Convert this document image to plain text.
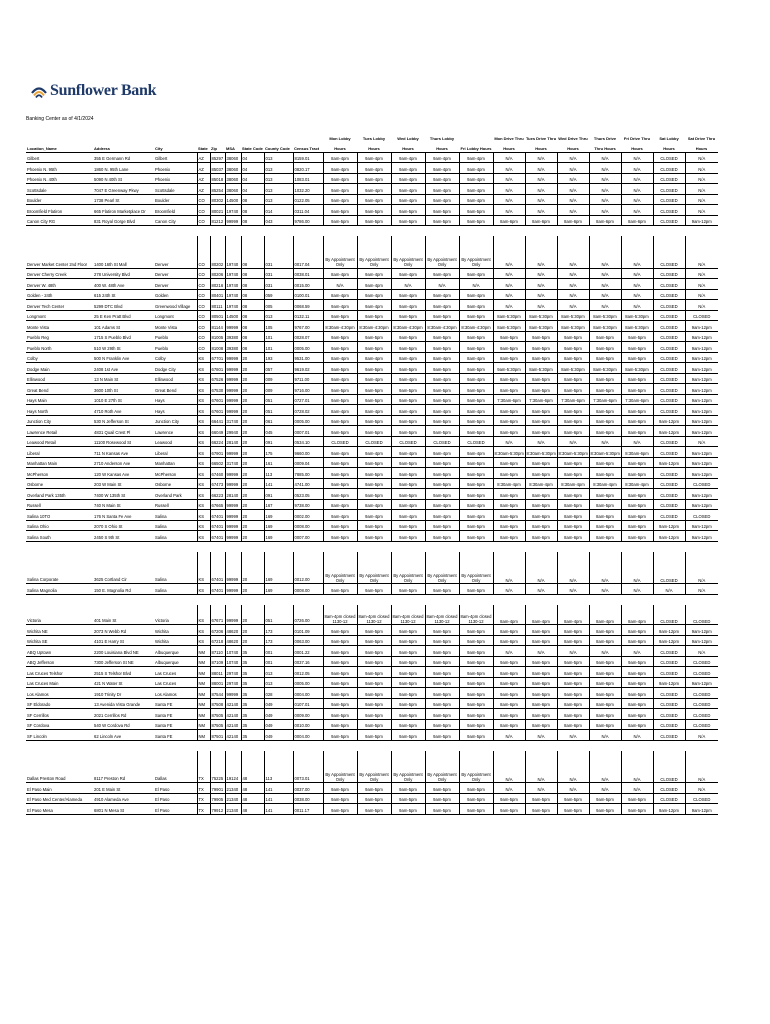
Sunflower Bank
Banking Center as of 4/1/2024
									Mon Lobby	Tues Lobby	Wed Lobby	Thurs Lobby		Mon Drive Thru	Tues Drive Thru	Wed Drive Thru	Thurs Drive	Fri Drive Thru	Sat Lobby	Sat Drive Thru
Location_Name	Address	City	State	Zip	MSA	State Code	County Code	Census Tract	Hours	Hours	Hours	Hours	Fri Lobby Hours	Hours	Hours	Hours	Thru Hours	Hours	Hours	Hours
Gilbert	355 E Germann Rd	Gilbert	AZ	85297	38060	04	013	8159.01	8am-4pm	9am-4pm	9am-4pm	9am-4pm	9am-4pm	N/A	N/A	N/A	N/A	N/A	CLOSED	N/A
Phoenix N. 95th	1860 N. 95th Lane	Phoenix	AZ	85037	38060	04	013	0820.17	9am-4pm	9am-4pm	9am-4pm	9am-4pm	9am-4pm	N/A	N/A	N/A	N/A	N/A	CLOSED	N/A
Phoenix N. 40th	5090 N 40th St	Phoenix	AZ	85018	38060	04	013	1083.01	9am-4pm	9am-4pm	9am-4pm	9am-4pm	9am-4pm	N/A	N/A	N/A	N/A	N/A	CLOSED	N/A
Scottsdale	7047 E Greenway Pkwy	Scottsdale	AZ	85254	38060	04	013	1032.20	9am-4pm	9am-4pm	9am-4pm	9am-4pm	9am-4pm	N/A	N/A	N/A	N/A	N/A	CLOSED	N/A
Boulder	1738 Pearl St	Boulder	CO	80302	14500	08	013	0122.05	9am-4pm	9am-4pm	9am-4pm	9am-4pm	9am-4pm	N/A	N/A	N/A	N/A	N/A	CLOSED	N/A
Broomfield Flatiron	665 Flatiron Marketplace Dr	Broomfield	CO	80021	19740	08	014	0311.04	9am-5pm	9am-5pm	9am-5pm	9am-5pm	9am-5pm	N/A	N/A	N/A	N/A	N/A	CLOSED	N/A
Canon City RG	831 Royal Gorge Blvd	Canon City	CO	81212	99999	08	043	9786.00	9am-5pm	9am-5pm	9am-5pm	9am-5pm	9am-5pm	8am-6pm	8am-6pm	8am-6pm	8am-6pm	8am-6pm	CLOSED	9am-12pm

Denver Market Center 2nd Floor	1400 16th St Mall	Denver	CO	80202	19740	08	031	0017.04	By Appointment Only	By Appointment Only	By Appointment Only	By Appointment Only	By Appointment Only	N/A	N/A	N/A	N/A	N/A	CLOSED	N/A
Denver Cherry Creek	278 University Blvd	Denver	CO	80206	19740	08	031	0038.01	8am-4pm	9am-4pm	9am-4pm	9am-4pm	9am-4pm	N/A	N/A	N/A	N/A	N/A	CLOSED	N/A
Denver W. 48th	400 W. 48th Ave	Denver	CO	80216	19740	08	031	0015.00	N/A	9am-4pm	N/A	N/A	N/A	N/A	N/A	N/A	N/A	N/A	CLOSED	N/A
Golden - 24th	615 24th St	Golden	CO	80401	19740	08	059	0100.01	8am-4pm	9am-4pm	9am-4pm	9am-4pm	9am-4pm	N/A	N/A	N/A	N/A	N/A	CLOSED	N/A
Denver Tech Center	5299 DTC Blvd	Greenwood Village	CO	80111	19740	08	005	0068.59	9am-4pm	9am-4pm	9am-4pm	9am-4pm	9am-4pm	N/A	N/A	N/A	N/A	N/A	CLOSED	N/A
Longmont	25 E Ken Pratt Blvd	Longmont	CO	80501	14500	08	013	0132.11	9am-5pm	9am-5pm	9am-5pm	9am-5pm	9am-5pm	8am-5:30pm	8am-5:30pm	8am-5:30pm	8am-5:30pm	8am-5:30pm	CLOSED	CLOSED
Monte Vista	101 Adams St	Monte Vista	CO	81144	99999	08	105	9767.00	8:30am-4:30pm	8:30am-4:30pm	8:30am-4:30pm	8:30am-4:30pm	8:30am-4:30pm	8am-5:30pm	8am-5:30pm	8am-5:30pm	8am-5:30pm	8am-5:30pm	CLOSED	9am-12pm
Pueblo Reg	1715 S Pueblo Blvd	Pueblo	CO	81005	39380	08	101	0028.07	9am-5pm	9am-5pm	9am-5pm	9am-5pm	9am-5pm	9am-5pm	9am-5pm	9am-5pm	9am-5pm	9am-5pm	CLOSED	9am-12pm
Pueblo North	510 W 29th St	Pueblo	CO	81008	39380	08	101	0005.00	9am-5pm	9am-5pm	9am-5pm	9am-5pm	9am-5pm	9am-5pm	9am-5pm	9am-5pm	9am-5pm	9am-5pm	CLOSED	9am-12pm
Colby	500 N Franklin Ave	Colby	KS	67701	99999	20	193	9531.00	8am-4pm	8am-4pm	8am-4pm	8am-4pm	8am-4pm	8am-5pm	8am-5pm	8am-5pm	8am-5pm	8am-5pm	CLOSED	9am-12pm
Dodge Main	2408 1st Ave	Dodge City	KS	67801	99999	20	057	9619.02	9am-5pm	9am-5pm	9am-5pm	9am-5pm	9am-5pm	9am-5:30pm	8am-5:30pm	8am-5:30pm	8am-5:30pm	8am-5:30pm	CLOSED	9am-12pm
Ellinwood	13 N Main St	Ellinwood	KS	67526	99999	20	009	9711.00	9am-4pm	9am-4pm	9am-4pm	9am-4pm	9am-4pm	8am-5pm	8am-5pm	8am-5pm	8am-5pm	8am-5pm	CLOSED	9am-12pm
Great Bend	3600 10th St	Great Bend	KS	67530	99999	20	009	9716.00	9am-5pm	9am-5pm	9am-5pm	9am-5pm	9am-5pm	8am-5pm	8am-5pm	8am-5pm	8am-5pm	8am-5pm	CLOSED	9am-12pm
Hays Main	1010 E 27th St	Hays	KS	67601	99999	20	051	0727.01	9am-5pm	9am-5pm	9am-5pm	9am-5pm	9am-5pm	7:30am-6pm	7:30am-6pm	7:30am-6pm	7:30am-6pm	7:30am-6pm	CLOSED	9am-12pm
Hays North	4710 Roth Ave	Hays	KS	67601	99999	20	051	0728.02	8am-4pm	8am-4pm	8am-4pm	8am-4pm	8am-4pm	8am-5pm	8am-5pm	8am-5pm	8am-5pm	8am-5pm	CLOSED	9am-12pm
Junction City	530 N Jefferson St	Junction City	KS	66441	31740	20	061	0005.00	9am-5pm	9am-5pm	9am-5pm	9am-5pm	9am-5pm	8am-6pm	8am-6pm	8am-6pm	8am-6pm	8am-6pm	9am-12pm	9am-12pm
Lawrence Retail	4831 Quail Crest Pl	Lawrence	KS	66049	29940	20	045	0007.01	9am-5pm	9am-5pm	9am-5pm	9am-5pm	9am-5pm	8am-6pm	8am-6pm	8am-6pm	8am-6pm	8am-6pm	9am-12pm	9am-12pm
Leawood Retail	11100 Rosewood St	Leawood	KS	66224	28140	20	091	0534.10	CLOSED	CLOSED	CLOSED	CLOSED	CLOSED	N/A	N/A	N/A	N/A	N/A	CLOSED	N/A
Liberal	711 N Kansas Ave	Liberal	KS	67901	99999	20	175	9660.00	9am-4pm	9am-4pm	9am-4pm	9am-4pm	9am-4pm	8:30am-5:30pm	8:30am-5:30pm	8:30am-5:30pm	8:30am-5:30pm	8:30am-6pm	CLOSED	9am-12pm
Manhattan Main	2710 Anderson Ave	Manhattan	KS	66502	31740	20	161	0009.04	9am-5pm	9am-5pm	9am-5pm	9am-5pm	9am-5pm	8am-6pm	8am-6pm	8am-6pm	8am-6pm	8am-6pm	9am-12pm	9am-12pm
McPherson	120 W Kansas Ave	McPherson	KS	67460	99999	20	113	7885.00	9am-5pm	9am-5pm	9am-5pm	9am-5pm	9am-5pm	8am-5pm	8am-5pm	8am-5pm	8am-5pm	8am-5pm	CLOSED	9am-12pm
Osborne	203 W Main St	Osborne	KS	67473	99999	20	141	4741.00	9am-5pm	9am-5pm	9am-5pm	9am-5pm	9am-5pm	8:30am-4pm	8:30am-4pm	8:30am-4pm	8:30am-4pm	8:30am-4pm	CLOSED	CLOSED
Overland Park 135th	7400 W 135th St	Overland Park	KS	66223	28140	20	091	0523.05	9am-5pm	9am-5pm	9am-5pm	9am-5pm	9am-5pm	8am-6pm	8am-6pm	8am-6pm	8am-6pm	8am-6pm	CLOSED	9am-12pm
Russell	740 N Main St	Russell	KS	67665	99999	20	167	9738.00	8am-4pm	8am-4pm	8am-4pm	8am-4pm	8am-4pm	8am-5pm	8am-5pm	8am-5pm	8am-5pm	8am-5pm	CLOSED	9am-12pm
Salina 10TO	176 N Santa Fe Ave	Salina	KS	67401	99999	20	169	0002.00	9am-4pm	9am-4pm	9am-4pm	9am-4pm	9am-4pm	8am-6pm	8am-6pm	8am-6pm	8am-6pm	8am-6pm	CLOSED	CLOSED
Salina Ohio	2070 S Ohio St	Salina	KS	67401	99999	20	169	0008.00	9am-5pm	9am-5pm	9am-5pm	9am-5pm	9am-5pm	8am-6pm	8am-6pm	8am-6pm	8am-6pm	8am-6pm	9am-12pm	9am-12pm
Salina South	2450 S 9th St	Salina	KS	67401	99999	20	169	0007.00	9am-5pm	9am-5pm	9am-5pm	9am-5pm	9am-5pm	8am-6pm	8am-6pm	8am-6pm	8am-6pm	8am-6pm	9am-12pm	9am-12pm

Salina Corporate	3625 Cortland Cir	Salina	KS	67401	99999	20	169	0012.00	By Appointment Only	By Appointment Only	By Appointment Only	By Appointment Only	By Appointment Only	N/A	N/A	N/A	N/A	N/A	CLOSED	N/A
Salina Magnolia	150 E. Magnolia Rd	Salina	KS	67401	99999	20	169	0008.00	9am-5pm	9am-5pm	9am-5pm	9am-5pm	9am-5pm	N/A	N/A	N/A	N/A	N/A	N/A	N/A

Victoria	401 Main St	Victoria	KS	67671	99999	20	051	0726.00	8am-4pm closed 1130-12	8am-4pm closed 1130-12	8am-4pm closed 1130-12	8am-4pm closed 1130-12	8am-4pm closed 1130-12	8am-4pm	8am-4pm	8am-4pm	8am-4pm	8am-4pm	CLOSED	CLOSED
Wichita NE	2073 N Webb Rd	Wichita	KS	67206	48620	20	173	0101.09	9am-5pm	9am-5pm	9am-5pm	9am-5pm	9am-5pm	8am-6pm	8am-6pm	8am-6pm	8am-6pm	8am-6pm	9am-12pm	9am-12pm
Wichita SE	4101 E Harry St	Wichita	KS	67218	48620	20	173	0063.00	9am-5pm	9am-5pm	9am-5pm	9am-5pm	9am-5pm	8am-6pm	8am-6pm	8am-6pm	8am-6pm	8am-6pm	9am-12pm	9am-12pm
ABQ Uptown	2200 Louisiana Blvd NE	Albuquerque	NM	87110	10740	35	001	0001.22	9am-5pm	9am-5pm	9am-5pm	9am-5pm	9am-5pm	N/A	N/A	N/A	N/A	N/A	CLOSED	N/A
ABQ Jefferson	7300 Jefferson St NE	Albuquerque	NM	87109	10740	35	001	0037.16	9am-5pm	9am-5pm	9am-5pm	9am-5pm	9am-5pm	9am-5pm	9am-5pm	9am-5pm	9am-5pm	9am-5pm	CLOSED	CLOSED
Las Cruces Telshor	2515 S Telshor Blvd	Las Cruces	NM	88011	29740	35	013	0012.05	9am-5pm	9am-5pm	9am-5pm	9am-5pm	9am-5pm	8am-6pm	8am-6pm	8am-6pm	8am-6pm	8am-6pm	CLOSED	CLOSED
Las Cruces Main	421 N Water St	Las Cruces	NM	88001	29740	35	013	0005.00	9am-5pm	9am-5pm	9am-5pm	9am-5pm	9am-5pm	8am-6pm	8am-6pm	8am-6pm	8am-6pm	8am-6pm	9am-12pm	9am-12pm
Los Alamos	1910 Trinity Dr	Los Alamos	NM	87544	99999	35	028	0004.00	9am-5pm	9am-5pm	9am-5pm	9am-5pm	9am-5pm	9am-5pm	9am-5pm	9am-5pm	9am-5pm	9am-5pm	CLOSED	CLOSED
SF Eldorado	13 Avenida Vista Grande	Santa FE	NM	87508	42140	35	049	0107.01	9am-5pm	9am-5pm	9am-5pm	9am-5pm	9am-5pm	8am-6pm	8am-6pm	8am-6pm	8am-6pm	8am-6pm	CLOSED	CLOSED
SF Cerrillos	2021 Cerrillos Rd	Santa FE	NM	87505	42140	35	049	0009.00	9am-5pm	9am-5pm	9am-5pm	9am-5pm	9am-5pm	8am-6pm	8am-6pm	8am-6pm	8am-6pm	8am-6pm	CLOSED	CLOSED
SF Cordova	540 W Cordova Rd	Santa FE	NM	87505	42140	35	049	0010.00	9am-5pm	9am-5pm	9am-5pm	9am-5pm	9am-5pm	8am-6pm	8am-6pm	8am-6pm	8am-6pm	8am-6pm	CLOSED	CLOSED
SF Lincoln	62 Lincoln Ave	Santa FE	NM	87501	42140	35	049	0004.00	9am-5pm	9am-5pm	9am-5pm	9am-5pm	9am-5pm	N/A	N/A	N/A	N/A	N/A	CLOSED	N/A

Dallas Preston Road	8117 Preston Rd	Dallas	TX	75225	19124	48	113	0073.01	By Appointment Only	By Appointment Only	By Appointment Only	By Appointment Only	By Appointment Only	N/A	N/A	N/A	N/A	N/A	CLOSED	N/A
El Paso Main	201 E Main St	El Paso	TX	79901	21340	48	141	0037.00	9am-5pm	9am-5pm	9am-5pm	9am-5pm	9am-5pm	N/A	N/A	N/A	N/A	N/A	CLOSED	N/A
El Paso Med Center/Alameda	4910 Alameda Ave	El Paso	TX	79905	21340	48	141	0038.00	9am-5pm	9am-5pm	9am-5pm	9am-5pm	9am-5pm	9am-5pm	9am-5pm	9am-5pm	9am-5pm	9am-5pm	CLOSED	CLOSED
El Paso Mesa	6801 N Mesa St	El Paso	TX	79912	21340	48	141	0011.17	9am-5pm	9am-5pm	9am-5pm	9am-5pm	9am-5pm	9am-5pm	9am-5pm	9am-5pm	9am-5pm	9am-5pm	9am-12pm	9am-12pm
